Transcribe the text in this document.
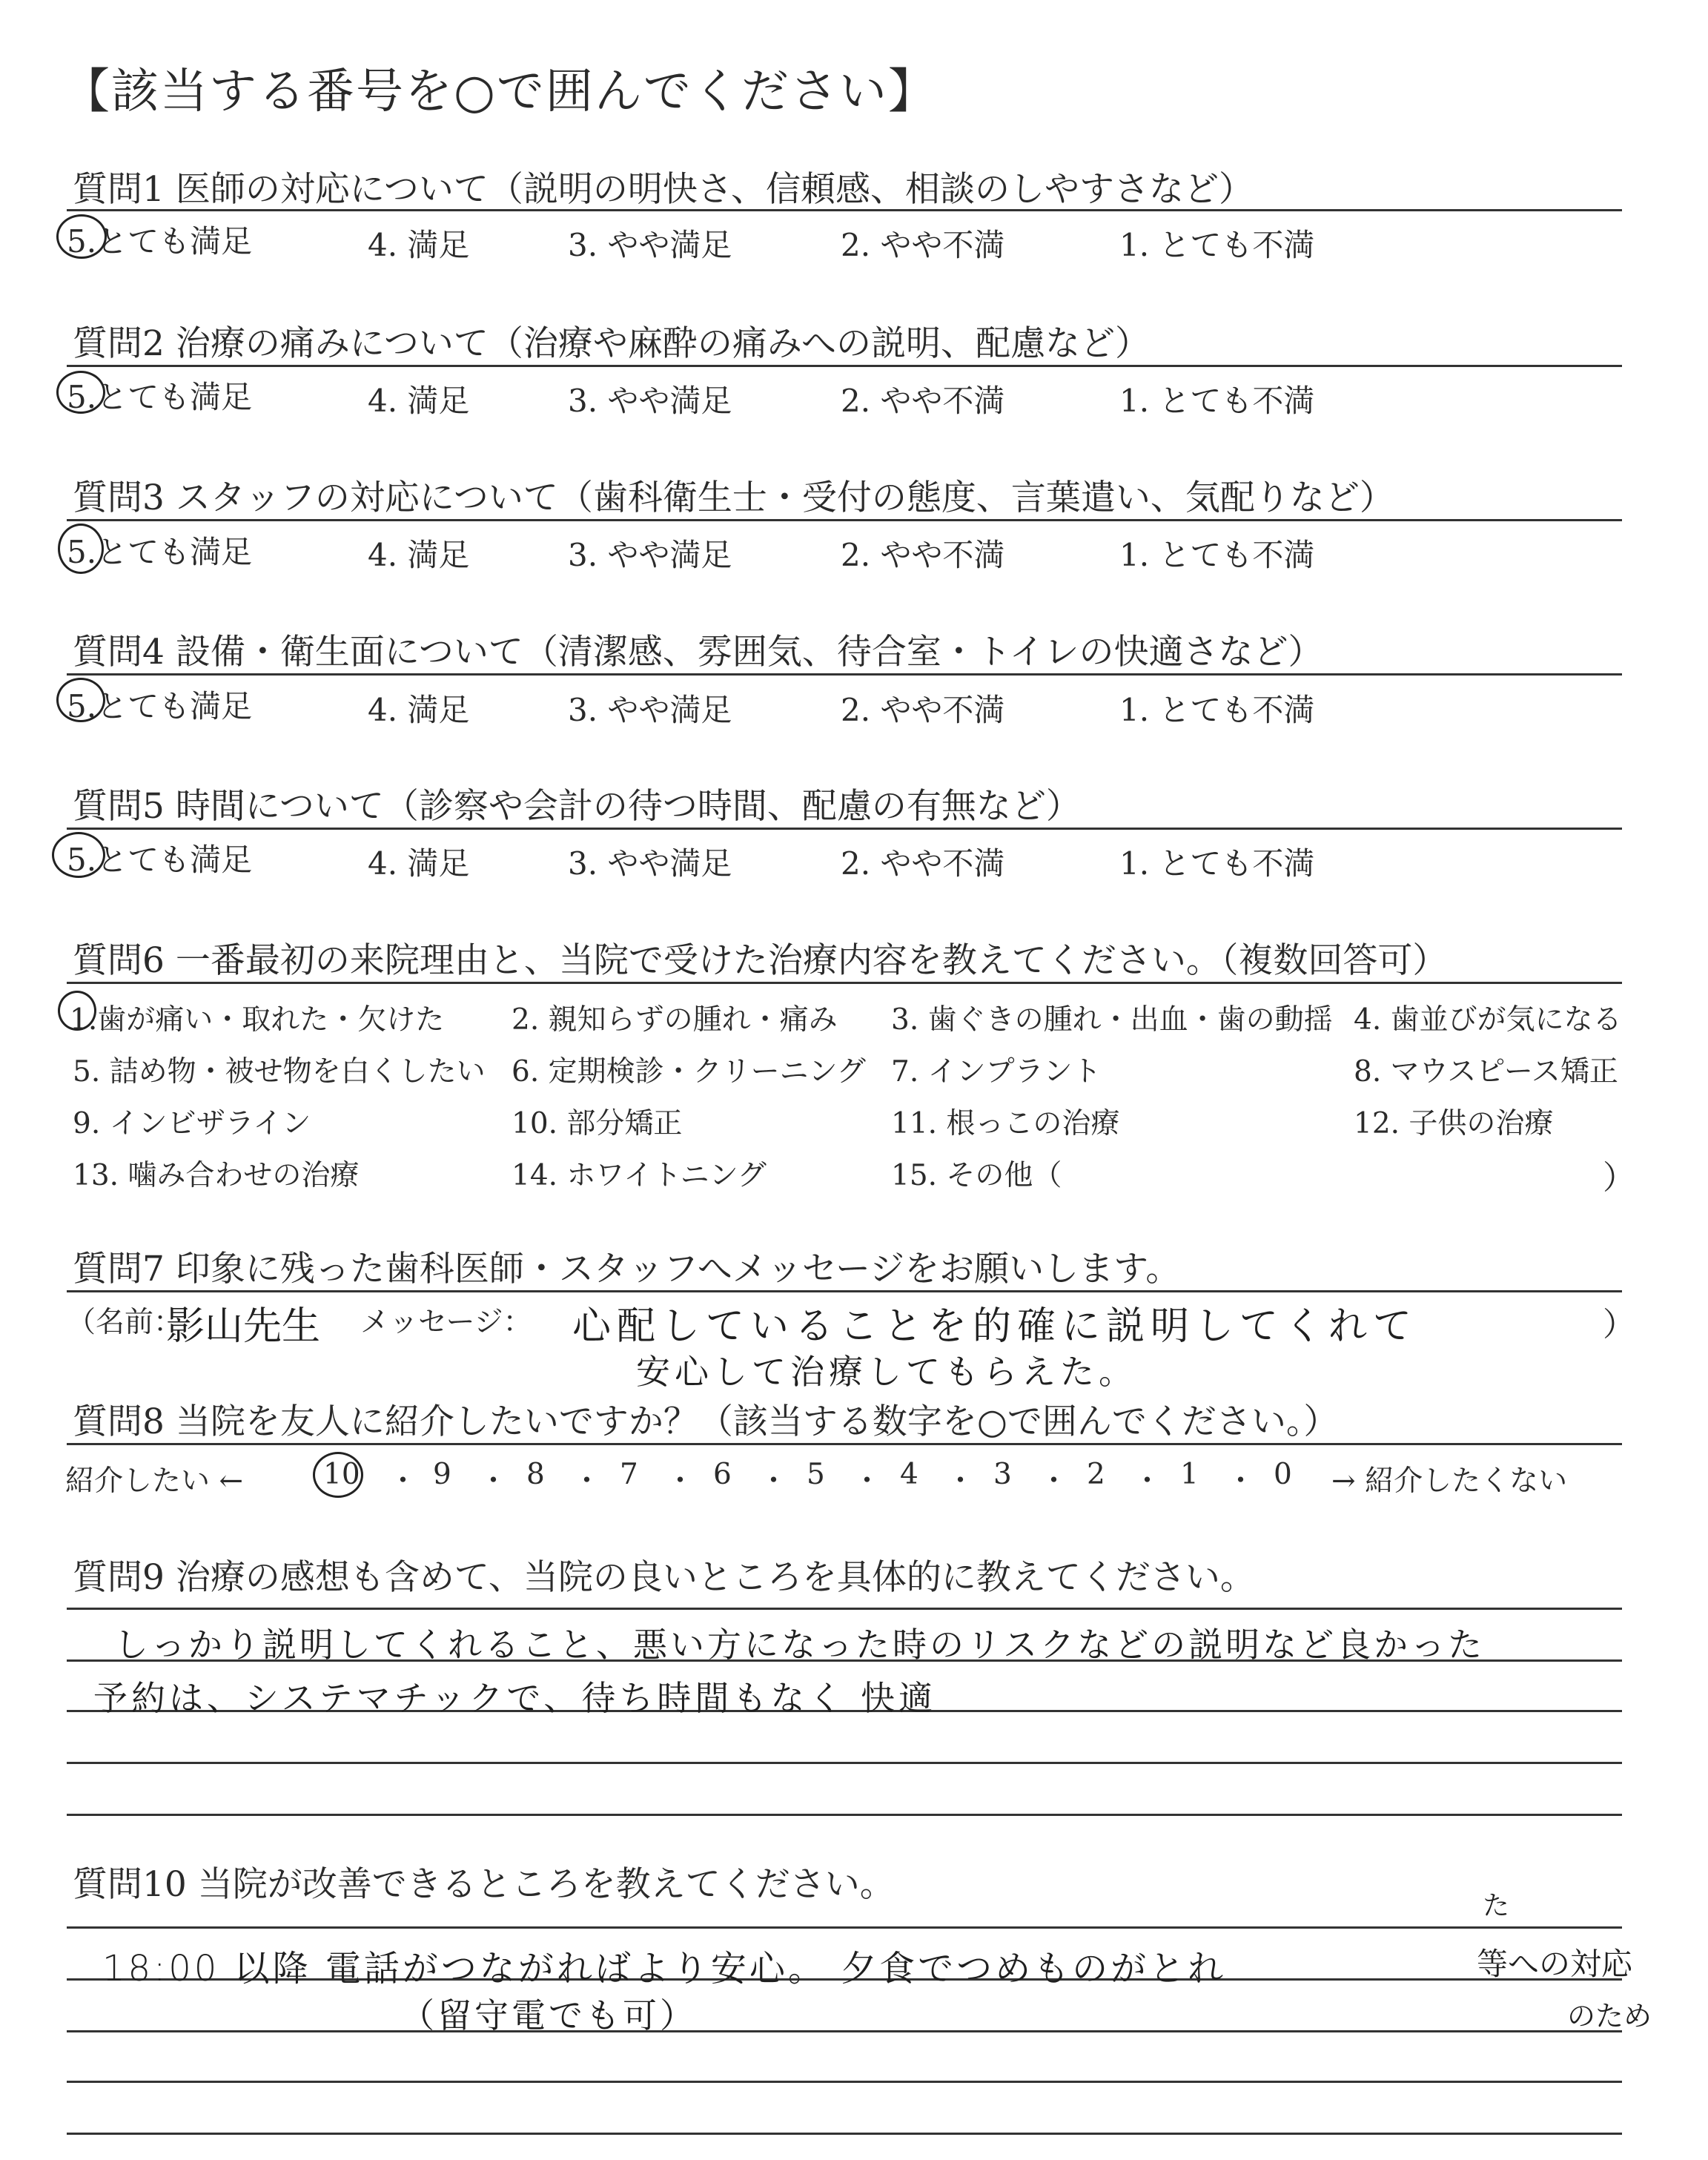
【該当する番号を○で囲んでください】
質問1 医師の対応について（説明の明快さ、信頼感、相談のしやすさなど）
5.とても満足	4. 満足	3. やや満足	2. やや不満	1. とても不満
質問2 治療の痛みについて（治療や麻酔の痛みへの説明、配慮など）
5.とても満足	4. 満足	3. やや満足	2. やや不満	1. とても不満
質問3 スタッフの対応について（歯科衛生士・受付の態度、言葉遣い、気配りなど）
5.とても満足	4. 満足	3. やや満足	2. やや不満	1. とても不満
質問4 設備・衛生面について（清潔感、雰囲気、待合室・トイレの快適さなど）
5.とても満足	4. 満足	3. やや満足	2. やや不満	1. とても不満
質問5 時間について（診察や会計の待つ時間、配慮の有無など）
5.とても満足	4. 満足	3. やや満足	2. やや不満	1. とても不満
質問6 一番最初の来院理由と、当院で受けた治療内容を教えてください。（複数回答可）
1.歯が痛い・取れた・欠けた 2. 親知らずの腫れ・痛み 3. 歯ぐきの腫れ・出血・歯の動揺 4. 歯並びが気になる
5. 詰め物・被せ物を白くしたい 6. 定期検診・クリーニング 7. インプラント	8. マウスピース矯正
9. インビザライン	10. 部分矯正	11. 根っこの治療	12. 子供の治療
13. 噛み合わせの治療	14. ホワイトニング	15. その他（	）
質問7 印象に残った歯科医師・スタッフへメッセージをお願いします。
（名前：
影山先生 メッセージ： 心配していることを的確に説明してくれて
安心して治療してもらえた。
）
質問8 当院を友人に紹介したいですか？（該当する数字を○で囲んでください。）
紹介したい ←	10 ・ 9 ・ 8 ・ 7 ・ 6 ・ 5 ・ 4 ・ 3 ・ 2 ・ 1 ・ 0 → 紹介したくない
質問9 治療の感想も含めて、当院の良いところを具体的に教えてください。
しっかり説明してくれること、悪い方になった時のリスクなどの説明など良かった
予約は、システマチックで、待ち時間もなく 快適
質問10 当院が改善できるところを教えてください。
18:00 以降 電話がつながればより安心。 夕食でつめものがとれ
た
等への対応
（留守電でも可）	のため
